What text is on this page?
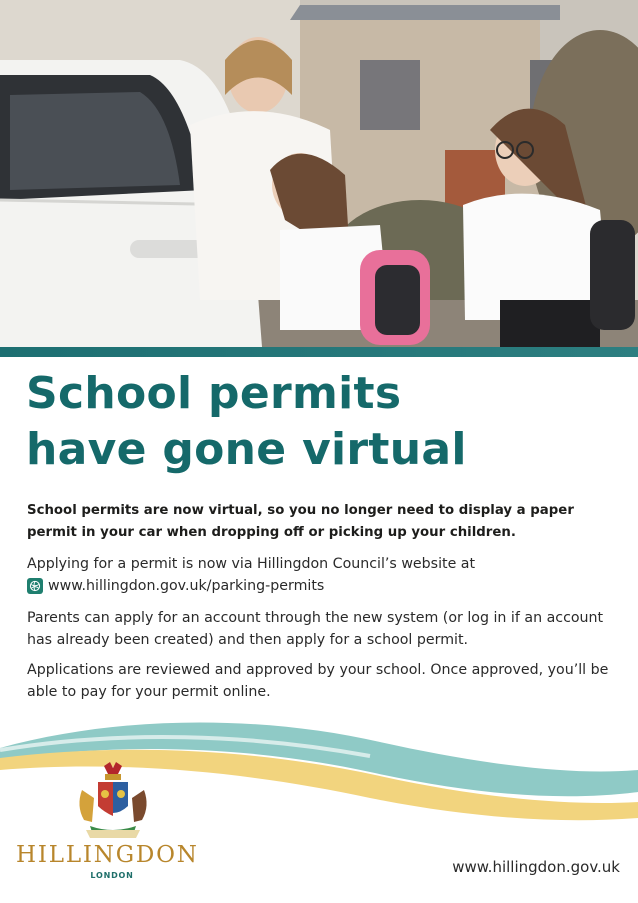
School permits
have gone virtual
School permits are now virtual, so you no longer need to display a paper permit in your car when dropping off or picking up your children.
Applying for a permit is now via Hillingdon Council’s website at
www.hillingdon.gov.uk/parking-permits
Parents can apply for an account through the new system (or log in if an account has already been created) and then apply for a school permit.
Applications are reviewed and approved by your school. Once approved, you’ll be able to pay for your permit online.
HILLINGDON
LONDON	www.hillingdon.gov.uk
